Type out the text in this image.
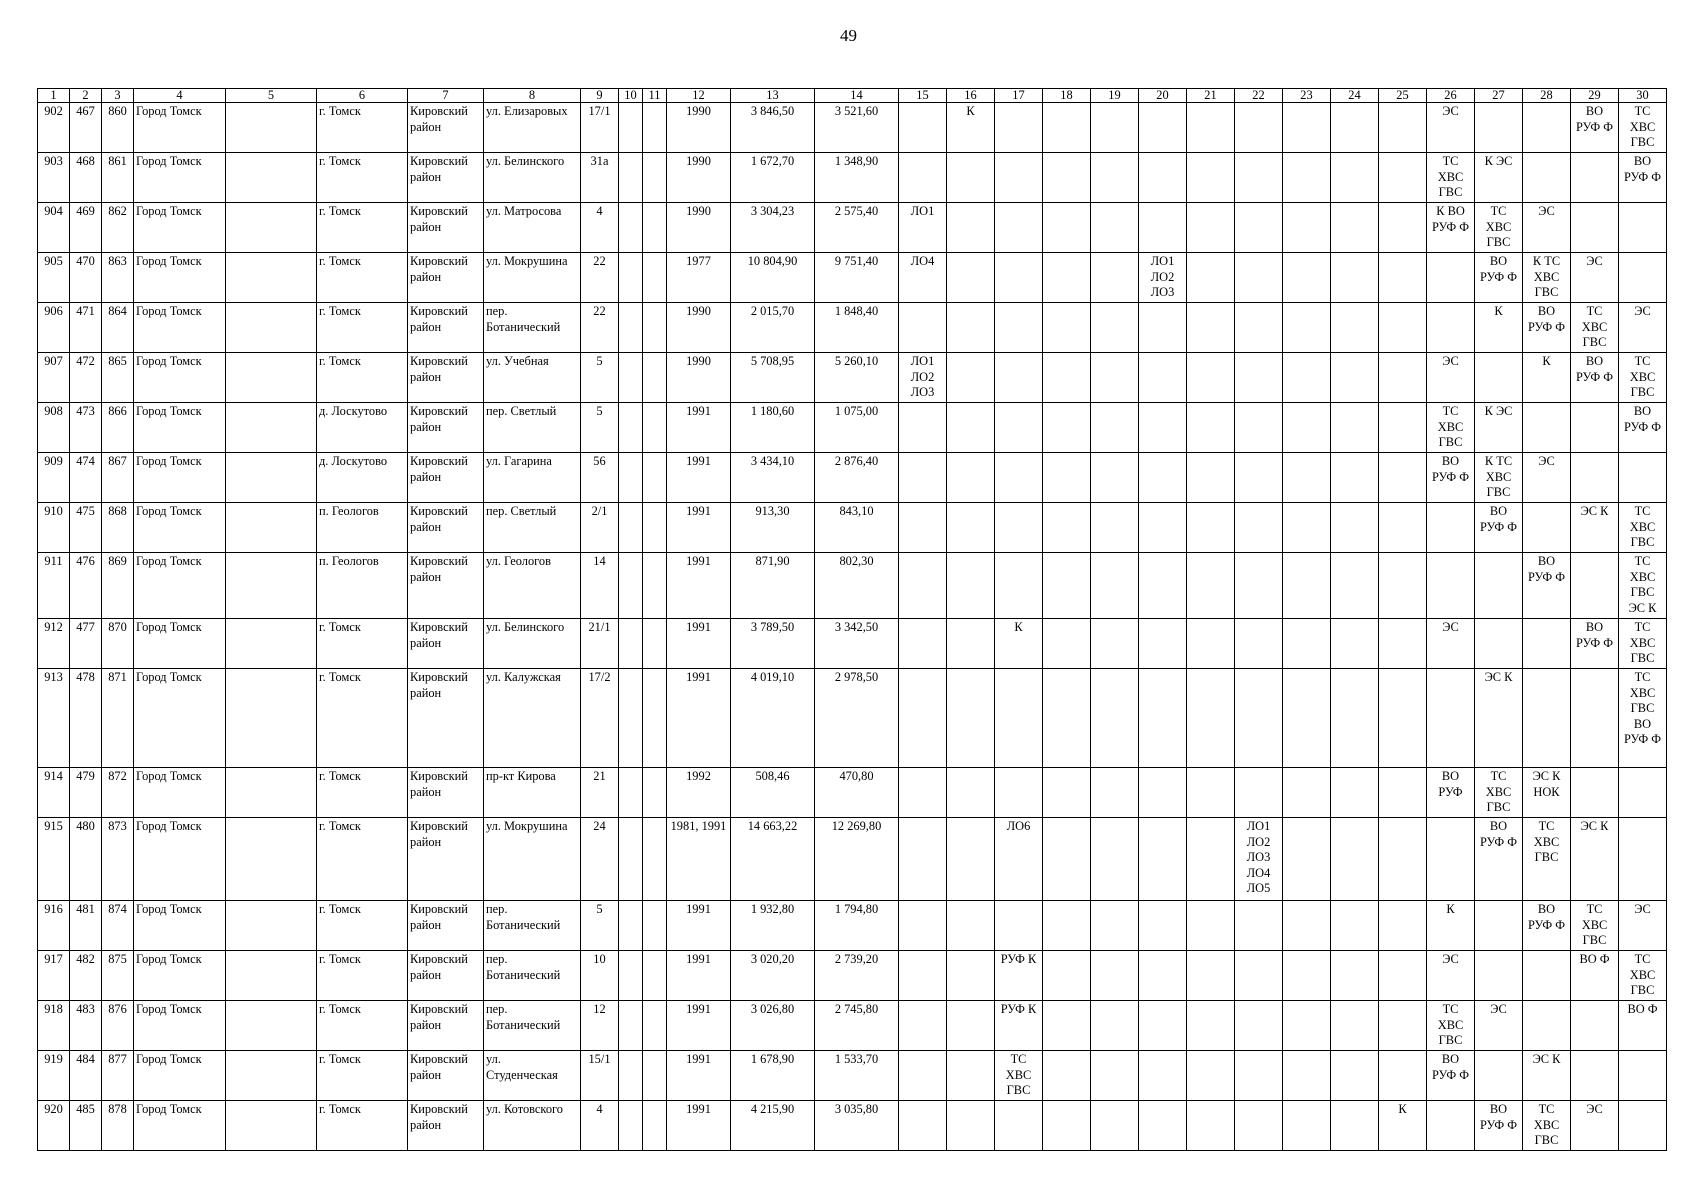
49
1	2	3	4	5	6	7	8	9	10	11	12	13	14	15	16	17	18	19	20	21	22	23	24	25	26	27	28	29	30
902	467	860	Город Томск		г. Томск	Кировский
район	ул. Елизаровых	17/1			1990	3 846,50	3 521,60		К										ЭС			ВО
РУФ Ф	ТС
ХВС
ГВС
903	468	861	Город Томск		г. Томск	Кировский
район	ул. Белинского	31а			1990	1 672,70	1 348,90												ТС
ХВС
ГВС	К ЭС			ВО
РУФ Ф
904	469	862	Город Томск		г. Томск	Кировский
район	ул. Матросова	4			1990	3 304,23	2 575,40	ЛО1											К ВО
РУФ Ф	ТС
ХВС
ГВС	ЭС		
905	470	863	Город Томск		г. Томск	Кировский
район	ул. Мокрушина	22			1977	10 804,90	9 751,40	ЛО4					ЛО1
ЛО2
ЛО3							ВО
РУФ Ф	К ТС
ХВС
ГВС	ЭС	
906	471	864	Город Томск		г. Томск	Кировский
район	пер.
Ботанический	22			1990	2 015,70	1 848,40													К	ВО
РУФ Ф	ТС
ХВС
ГВС	ЭС
907	472	865	Город Томск		г. Томск	Кировский
район	ул. Учебная	5			1990	5 708,95	5 260,10	ЛО1
ЛО2
ЛО3											ЭС		К	ВО
РУФ Ф	ТС
ХВС
ГВС
908	473	866	Город Томск		д. Лоскутово	Кировский
район	пер. Светлый	5			1991	1 180,60	1 075,00												ТС
ХВС
ГВС	К ЭС			ВО
РУФ Ф
909	474	867	Город Томск		д. Лоскутово	Кировский
район	ул. Гагарина	56			1991	3 434,10	2 876,40												ВО
РУФ Ф	К ТС
ХВС
ГВС	ЭС		
910	475	868	Город Томск		п. Геологов	Кировский
район	пер. Светлый	2/1			1991	913,30	843,10													ВО
РУФ Ф		ЭС К	ТС
ХВС
ГВС
911	476	869	Город Томск		п. Геологов	Кировский
район	ул. Геологов	14			1991	871,90	802,30														ВО
РУФ Ф		ТС
ХВС
ГВС
ЭС К
912	477	870	Город Томск		г. Томск	Кировский
район	ул. Белинского	21/1			1991	3 789,50	3 342,50			К									ЭС			ВО
РУФ Ф	ТС
ХВС
ГВС
913	478	871	Город Томск		г. Томск	Кировский
район	ул. Калужская	17/2			1991	4 019,10	2 978,50													ЭС К			ТС
ХВС
ГВС
ВО
РУФ Ф
914	479	872	Город Томск		г. Томск	Кировский
район	пр-кт Кирова	21			1992	508,46	470,80												ВО
РУФ	ТС
ХВС
ГВС	ЭС К
НОК		
915	480	873	Город Томск		г. Томск	Кировский
район	ул. Мокрушина	24			1981, 1991	14 663,22	12 269,80			ЛО6					ЛО1
ЛО2
ЛО3
ЛО4
ЛО5					ВО
РУФ Ф	ТС
ХВС
ГВС	ЭС К	
916	481	874	Город Томск		г. Томск	Кировский
район	пер.
Ботанический	5			1991	1 932,80	1 794,80												К		ВО
РУФ Ф	ТС
ХВС
ГВС	ЭС
917	482	875	Город Томск		г. Томск	Кировский
район	пер.
Ботанический	10			1991	3 020,20	2 739,20			РУФ К									ЭС			ВО Ф	ТС
ХВС
ГВС
918	483	876	Город Томск		г. Томск	Кировский
район	пер.
Ботанический	12			1991	3 026,80	2 745,80			РУФ К									ТС
ХВС
ГВС	ЭС			ВО Ф
919	484	877	Город Томск		г. Томск	Кировский
район	ул.
Студенческая	15/1			1991	1 678,90	1 533,70			ТС
ХВС
ГВС									ВО
РУФ Ф		ЭС К		
920	485	878	Город Томск		г. Томск	Кировский
район	ул. Котовского	4			1991	4 215,90	3 035,80											К		ВО
РУФ Ф	ТС
ХВС
ГВС	ЭС	
